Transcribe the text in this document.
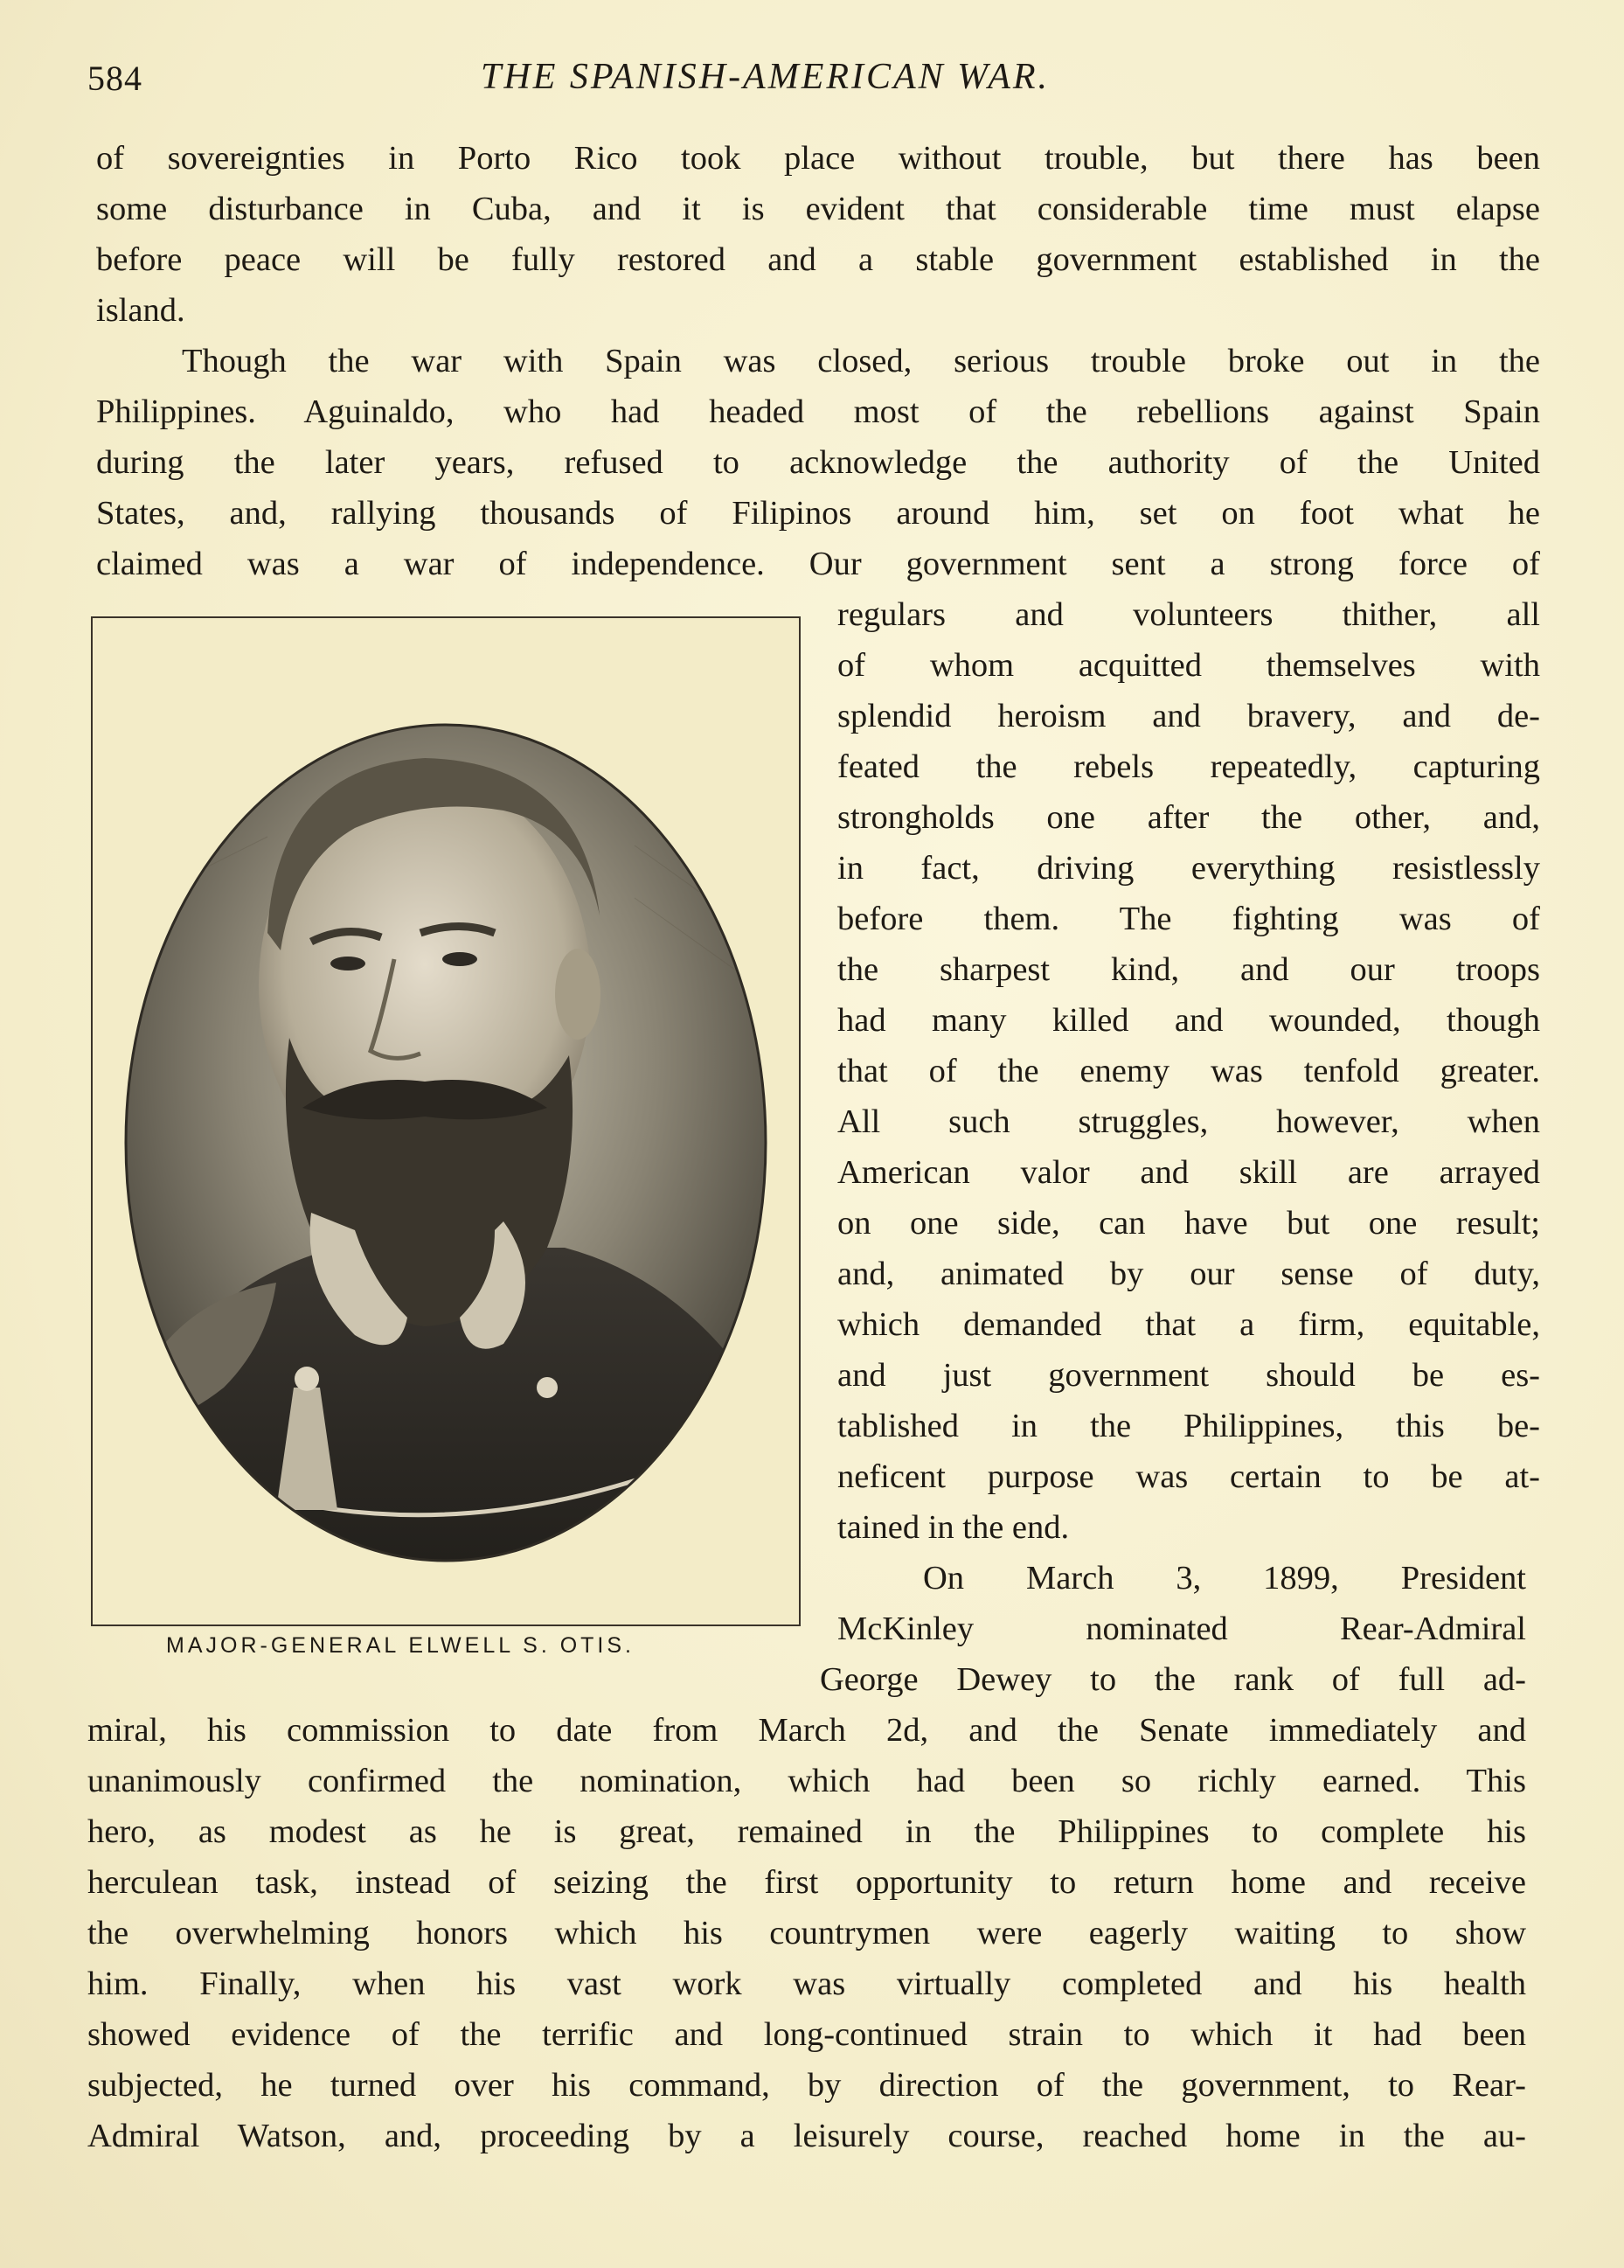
584	THE SPANISH-AMERICAN WAR.
of sovereignties in Porto Rico took place without trouble, but there has been
some disturbance in Cuba, and it is evident that considerable time must elapse
before peace will be fully restored and a stable government established in the
island.
Though the war with Spain was closed, serious trouble broke out in the
Philippines. Aguinaldo, who had headed most of the rebellions against Spain
during the later years, refused to acknowledge the authority of the United
States, and, rallying thousands of Filipinos around him, set on foot what he
claimed was a war of independence. Our government sent a strong force of
regulars and volunteers thither, all
of whom acquitted themselves with
splendid heroism and bravery, and de-
feated the rebels repeatedly, capturing
strongholds one after the other, and,
in fact, driving everything resistlessly
before them. The fighting was of
the sharpest kind, and our troops
had many killed and wounded, though
that of the enemy was tenfold greater.
All such struggles, however, when
American valor and skill are arrayed
on one side, can have but one result;
and, animated by our sense of duty,
which demanded that a firm, equitable,
and just government should be es-
tablished in the Philippines, this be-
neficent purpose was certain to be at-
tained in the end.
On March 3, 1899, President
McKinley nominated Rear-Admiral
George Dewey to the rank of full ad-
miral, his commission to date from March 2d, and the Senate immediately and
unanimously confirmed the nomination, which had been so richly earned. This
hero, as modest as he is great, remained in the Philippines to complete his
herculean task, instead of seizing the first opportunity to return home and receive
the overwhelming honors which his countrymen were eagerly waiting to show
him. Finally, when his vast work was virtually completed and his health
showed evidence of the terrific and long-continued strain to which it had been
subjected, he turned over his command, by direction of the government, to Rear-
Admiral Watson, and, proceeding by a leisurely course, reached home in the au-
MAJOR-GENERAL ELWELL S. OTIS.
